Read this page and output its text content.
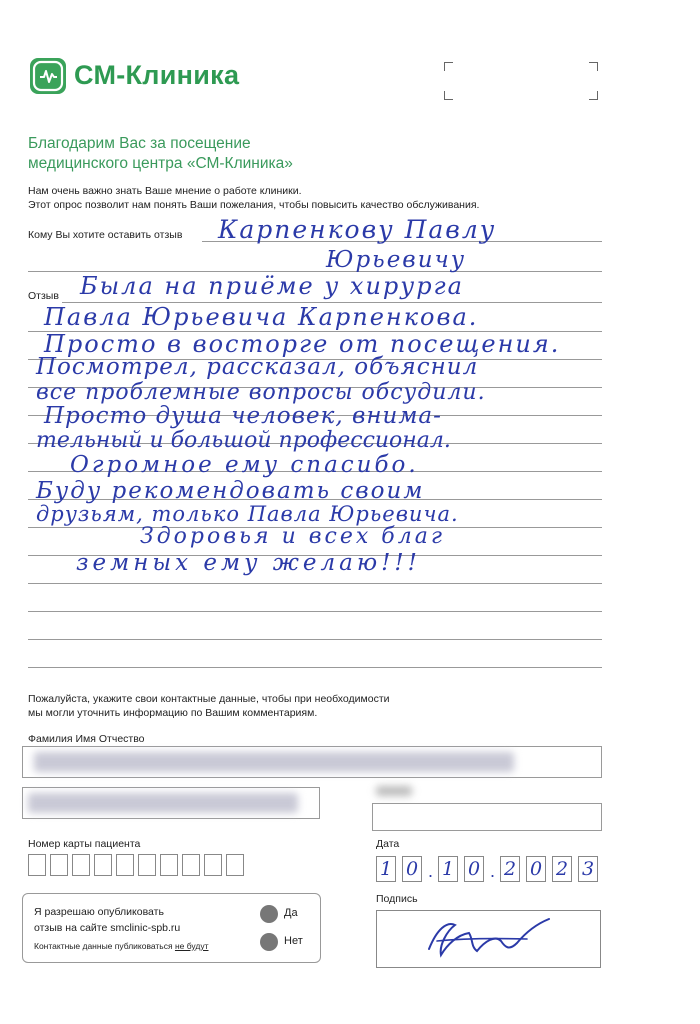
СМ-Клиника
Благодарим Вас за посещение
медицинского центра «СМ-Клиника»
Нам очень важно знать Ваше мнение о работе клиники.
Этот опрос позволит нам понять Ваши пожелания, чтобы повысить качество обслуживания.
Кому Вы хотите оставить отзыв Карпенкову Павлу
Юрьевичу
Отзыв Была на приёме у хирурга
Павла Юрьевича Карпенкова.
Просто в восторге от посещения.
Посмотрел, рассказал, объяснил
все проблемные вопросы обсудили.
Просто душа человек, внима-
тельный и большой профессионал.
Огромное ему спасибо.
Буду рекомендовать своим
друзьям, только Павла Юрьевича.
Здоровья и всех благ
земных ему желаю!!!
Пожалуйста, укажите свои контактные данные, чтобы при необходимости
мы могли уточнить информацию по Вашим комментариям.
Фамилия Имя Отчество
Номер карты пациента	Дата
1 0 . 1 0 . 2 0 2 3
Подпись
Я разрешаю опубликовать
отзыв на сайте smclinic-spb.ru
Контактные данные публиковаться не будут
Да
Нет
